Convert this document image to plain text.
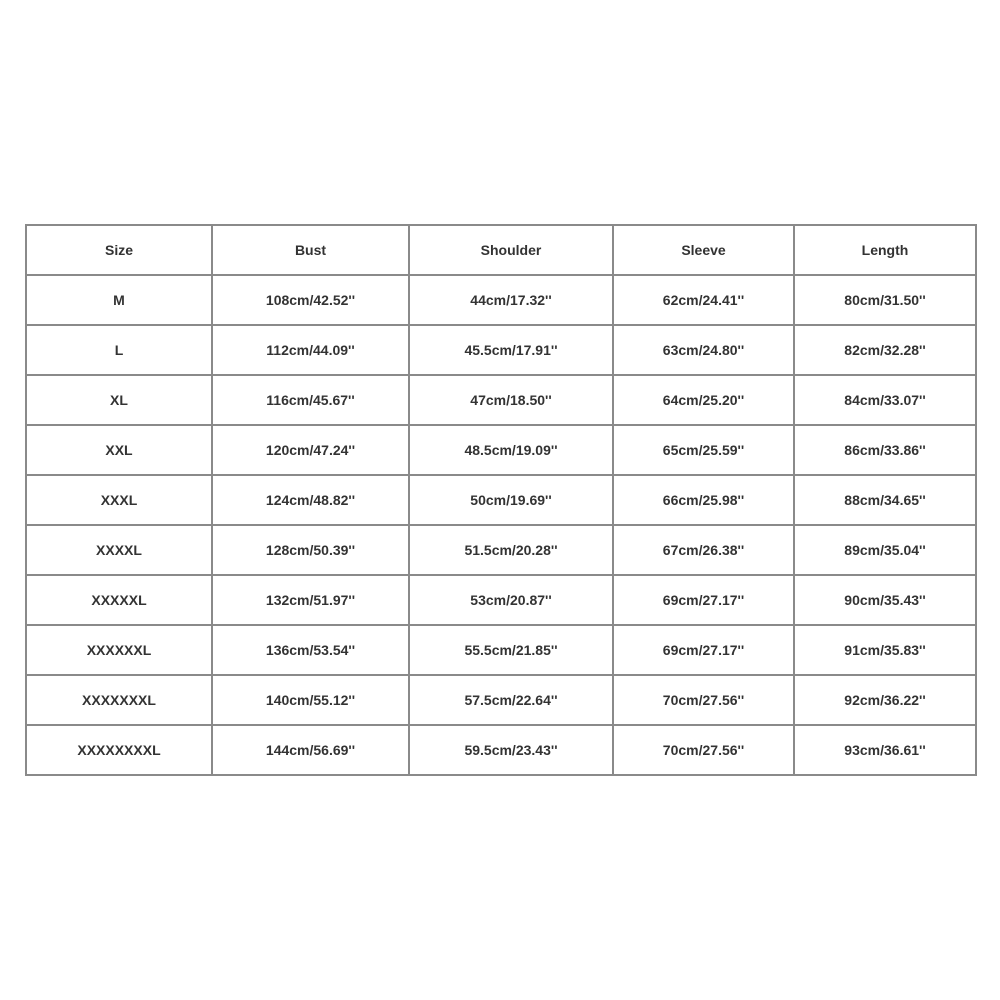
Size	Bust	Shoulder	Sleeve	Length
M	108cm/42.52''	44cm/17.32''	62cm/24.41''	80cm/31.50''
L	112cm/44.09''	45.5cm/17.91''	63cm/24.80''	82cm/32.28''
XL	116cm/45.67''	47cm/18.50''	64cm/25.20''	84cm/33.07''
XXL	120cm/47.24''	48.5cm/19.09''	65cm/25.59''	86cm/33.86''
XXXL	124cm/48.82''	50cm/19.69''	66cm/25.98''	88cm/34.65''
XXXXL	128cm/50.39''	51.5cm/20.28''	67cm/26.38''	89cm/35.04''
XXXXXL	132cm/51.97''	53cm/20.87''	69cm/27.17''	90cm/35.43''
XXXXXXL	136cm/53.54''	55.5cm/21.85''	69cm/27.17''	91cm/35.83''
XXXXXXXL	140cm/55.12''	57.5cm/22.64''	70cm/27.56''	92cm/36.22''
XXXXXXXXL	144cm/56.69''	59.5cm/23.43''	70cm/27.56''	93cm/36.61''
